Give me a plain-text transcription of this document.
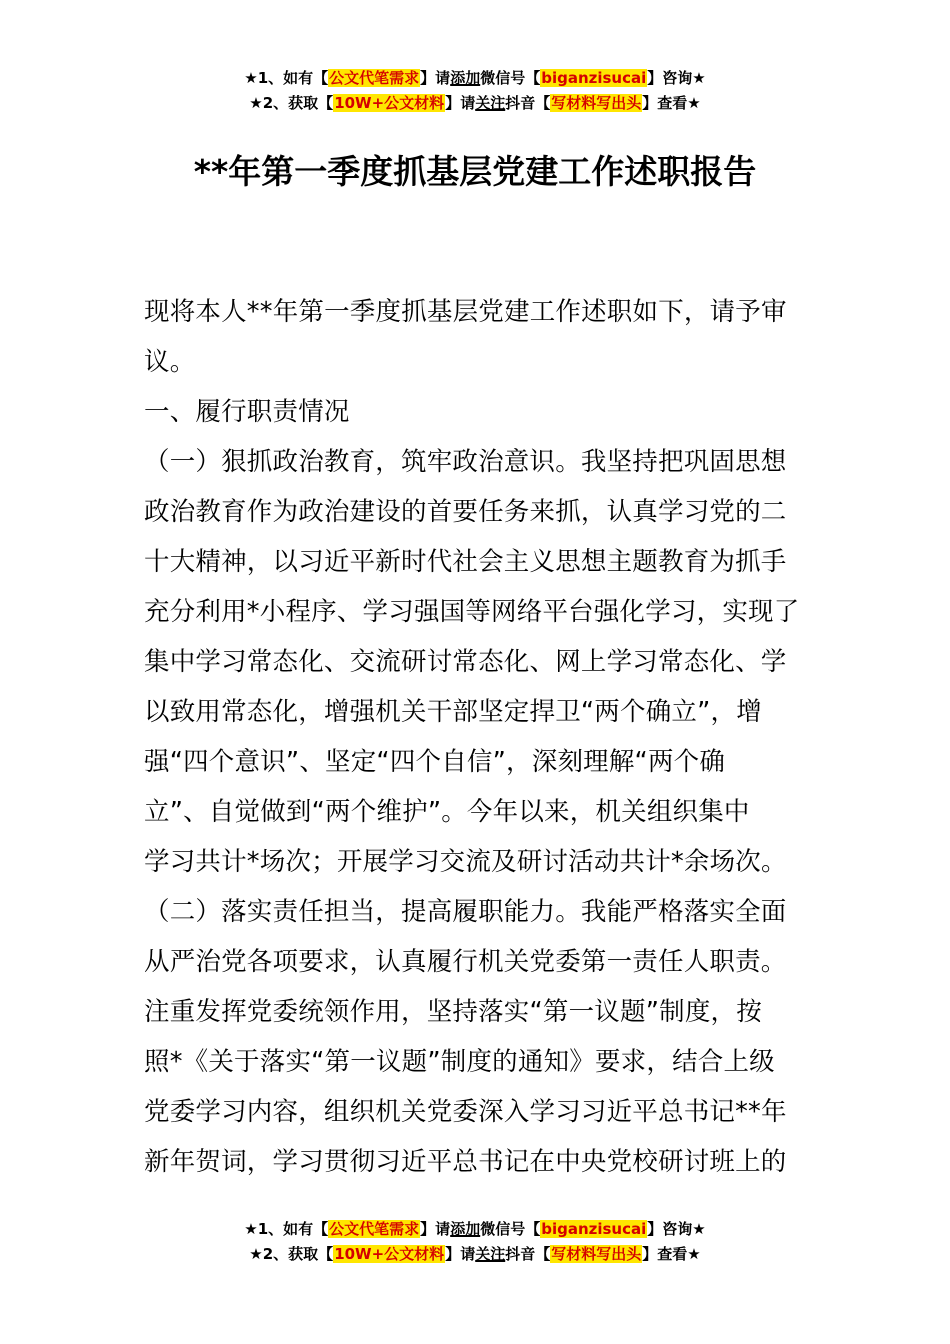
★1、如有【公文代笔需求】请添加微信号【biganzisucai】咨询★
★2、获取【10W+公文材料】请关注抖音【写材料写出头】查看★
**年第一季度抓基层党建工作述职报告

现将本人**年第一季度抓基层党建工作述职如下，请予审

议。

一、履行职责情况

（一）狠抓政治教育，筑牢政治意识。我坚持把巩固思想

政治教育作为政治建设的首要任务来抓，认真学习党的二

十大精神，以习近平新时代社会主义思想主题教育为抓手

充分利用*小程序、学习强国等网络平台强化学习，实现了

集中学习常态化、交流研讨常态化、网上学习常态化、学

以致用常态化，增强机关干部坚定捍卫“两个确立”，增

强“四个意识”、坚定“四个自信”，深刻理解“两个确

立”、自觉做到“两个维护”。今年以来，机关组织集中

学习共计*场次；开展学习交流及研讨活动共计*余场次。

（二）落实责任担当，提高履职能力。我能严格落实全面

从严治党各项要求，认真履行机关党委第一责任人职责。

注重发挥党委统领作用，坚持落实“第一议题”制度，按

照*《关于落实“第一议题”制度的通知》要求，结合上级

党委学习内容，组织机关党委深入学习习近平总书记**年

新年贺词，学习贯彻习近平总书记在中央党校研讨班上的

★1、如有【公文代笔需求】请添加微信号【biganzisucai】咨询★
★2、获取【10W+公文材料】请关注抖音【写材料写出头】查看★
